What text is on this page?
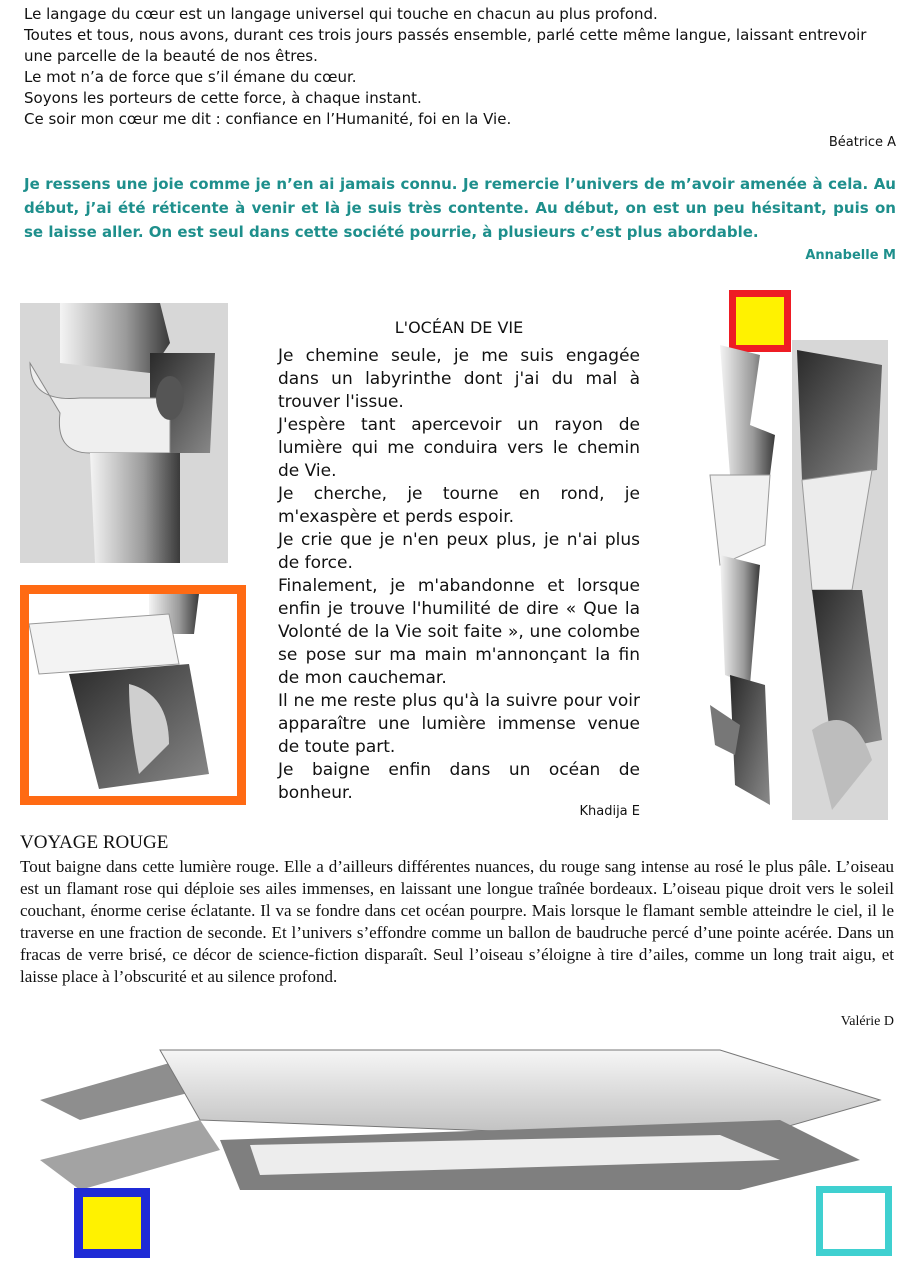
Le langage du cœur est un langage universel qui touche en chacun au plus profond.

Toutes et tous, nous avons, durant ces trois jours passés ensemble, parlé cette même langue, laissant entrevoir une parcelle de la beauté de nos êtres.

Le mot n’a de force que s’il émane du cœur.

Soyons les porteurs de cette force, à chaque instant.

Ce soir mon cœur me dit : confiance en l’Humanité, foi en la Vie.

Béatrice A
Je ressens une joie comme je n’en ai jamais connu. Je remercie l’univers de m’avoir amenée à cela. Au début, j’ai été réticente à venir et là je suis très contente. Au début, on est un peu hésitant, puis on se laisse aller. On est seul dans cette société pourrie, à plusieurs c’est plus abordable.
Annabelle M
L'OCÉAN DE VIE

Je chemine seule, je me suis engagée dans un labyrinthe dont j'ai du mal à trouver l'issue.

J'espère tant apercevoir un rayon de lumière qui me conduira vers le chemin de Vie.

Je cherche, je tourne en rond, je m'exaspère et perds espoir.

Je crie que je n'en peux plus, je n'ai plus de force.

Finalement, je m'abandonne et lorsque enfin je trouve l'humilité de dire « Que la Volonté de la Vie soit faite », une colombe se pose sur ma main m'annonçant la fin de mon cauchemar.

Il ne me reste plus qu'à la suivre pour voir apparaître une lumière immense venue de toute part.

Je baigne enfin dans un océan de bonheur.

Khadija E
VOYAGE ROUGE
Tout baigne dans cette lumière rouge. Elle a d’ailleurs différentes nuances, du rouge sang intense au rosé le plus pâle. L’oiseau est un flamant rose qui déploie ses ailes immenses, en laissant une longue traînée bordeaux. L’oiseau pique droit vers le soleil couchant, énorme cerise éclatante. Il va se fondre dans cet océan pourpre. Mais lorsque le flamant semble atteindre le ciel, il le traverse en une fraction de seconde. Et l’univers s’effondre comme un ballon de baudruche percé d’une pointe acérée. Dans un fracas de verre brisé, ce décor de science-fiction disparaît. Seul l’oiseau s’éloigne à tire d’ailes, comme un long trait aigu, et laisse place à l’obscurité et au silence profond.
Valérie D
